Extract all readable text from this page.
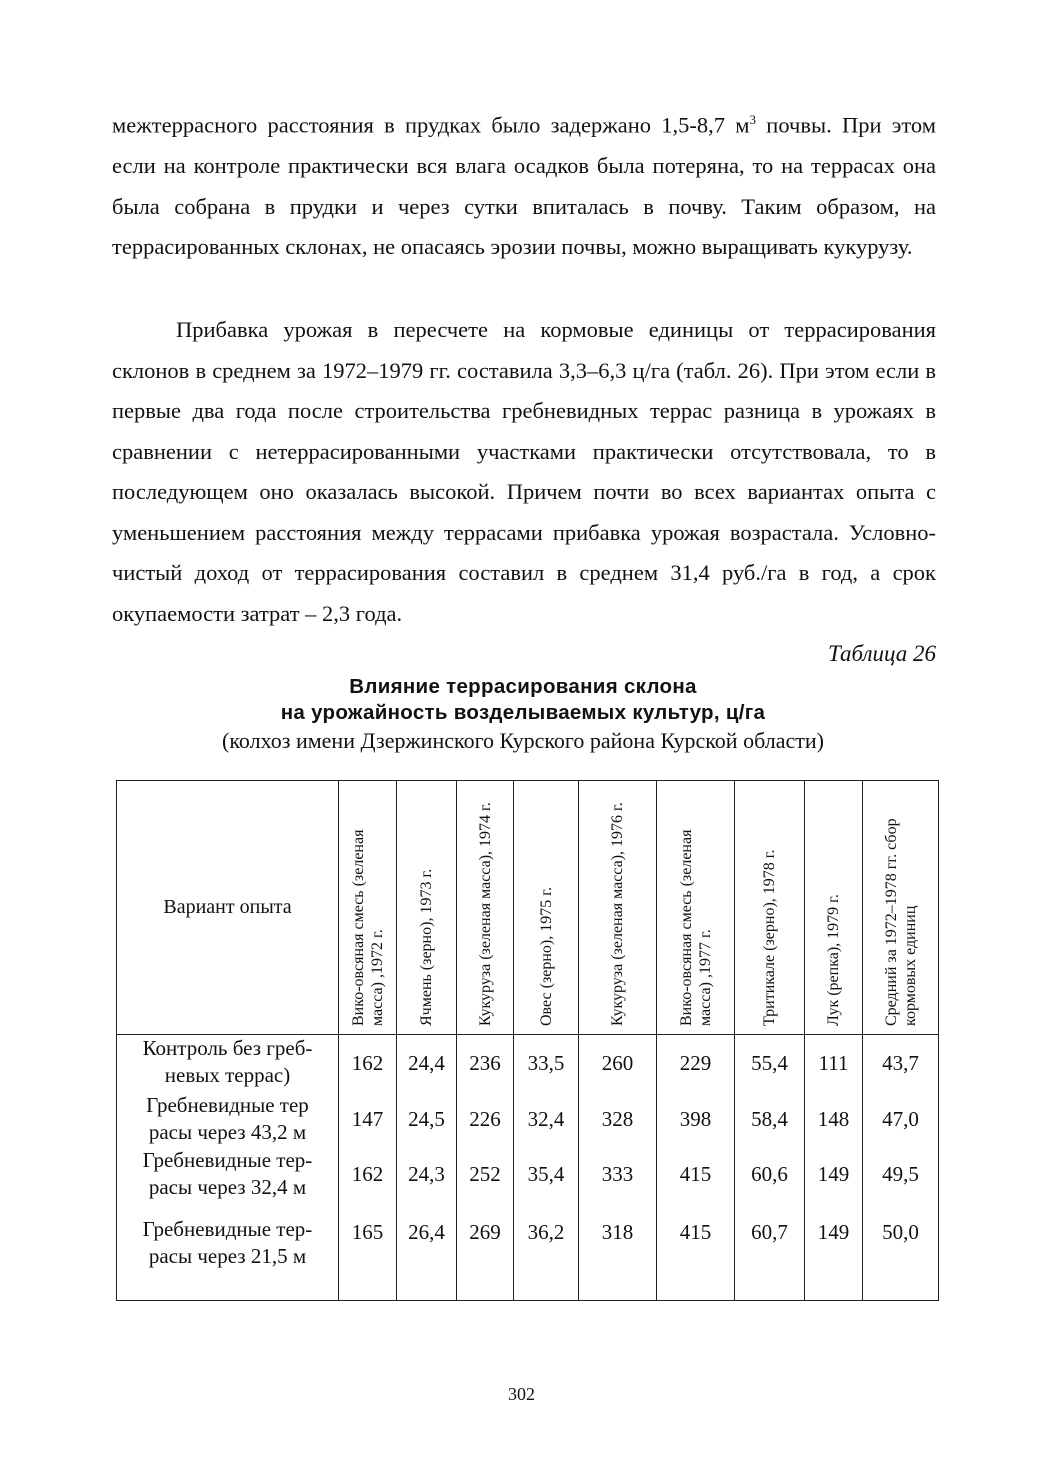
межтеррасного расстояния в прудках было задержано 1,5-8,7 $м^3$ почвы. При этом если на контроле практически вся влага осадков была потеряна, то на террасах она была собрана в прудки и через сутки впиталась в почву. Таким образом, на террасированных склонах, не опасаясь эрозии почвы, можно выращивать кукурузу.

Прибавка урожая в пересчете на кормовые единицы от террасирования склонов в среднем за 1972–1979 гг. составила 3,3–6,3 ц/га (табл. 26). При этом если в первые два года после строительства гребневидных террас разница в урожаях в сравнении с нетеррасированными участками практически отсутствовала, то в последующем оно оказалась высокой. Причем почти во всех вариантах опыта с уменьшением расстояния между террасами прибавка урожая возрастала. Условно-чистый доход от террасирования составил в среднем 31,4 руб./га в год, а срок окупаемости затрат – 2,3 года.

Таблица 26
Влияние террасирования склона
на урожайность возделываемых культур, ц/га
(колхоз имени Дзержинского Курского района Курской области)
Вариант опыта	Вико-овсяная смесь (зеленая масса) ,1972 г.	Ячмень (зерно), 1973 г.	Кукуруза (зеленая масса), 1974 г.	Овес (зерно), 1975 г.	Кукуруза (зеленая масса), 1976 г.	Вико-овсяная смесь (зеленая масса) ,1977 г.	Тритикале (зерно), 1978 г.	Лук (репка), 1979 г.	Средний за 1972–1978 гг. сбор кормовых единиц

Контроль без греб-
невых террас)	162	24,4	236	33,5	260	229	55,4	111	43,7

Гребневидные тер
расы через 43,2 м	147	24,5	226	32,4	328	398	58,4	148	47,0

Гребневидные тер-
расы через 32,4 м	162	24,3	252	35,4	333	415	60,6	149	49,5

Гребневидные тер-
расы через 21,5 м	165	26,4	269	36,2	318	415	60,7	149	50,0
302
